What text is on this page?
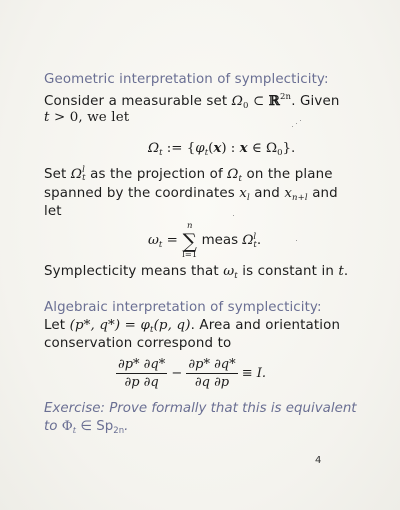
Geometric interpretation of symplecticity:
Consider a measurable set $\Omega_0$ ⊂ ℝ$^{2n}$. Given
t > 0, we let
$\Omega_t$ := {$\varphi_t(x)$ : x ∈ $\Omega_0$}.
Set Ω l
t as the projection of $\Omega_t$ on the plane
spanned by the coordinates $x_l$ and $x_{n+l}$ and
let
$\omega_t$ =
n
∑
l=1
meas Ω l
t .
Symplecticity means that $\omega_t$ is constant in t.
Algebraic interpretation of symplecticity:
Let (p*, $q*) = \varphi_t(p$, q). Area and orientation
conservation correspond to
$\frac{\partial p* \partial q*}{\partial p \partial q} - \frac{\partial p* \partial q*}{\partial q \partial p} \equiv I$.
Exercise: Prove formally that this is equivalent
to $\Phi_t$ ∈ $Sp_{2n}$.
4
